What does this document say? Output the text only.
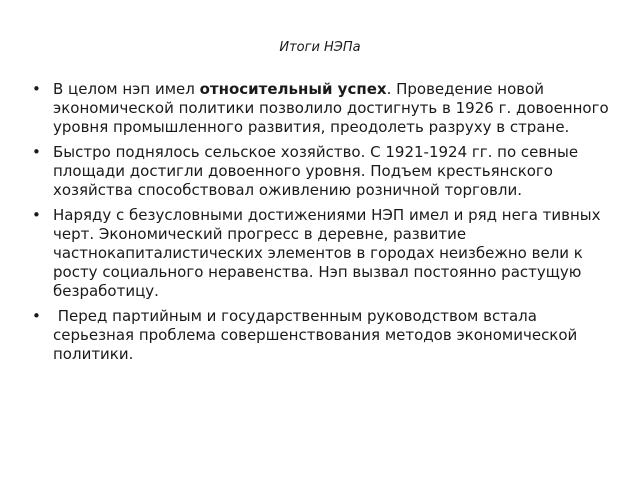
Итоги НЭПа
• В целом нэп имел относительный успех. Проведение новой экономической политики позволило достигнуть в 1926 г. довоенного уровня промышленного развития, преодолеть разруху в стране.
• Быстро поднялось сельское хозяйство. С 1921-1924 гг. по севные площади достигли довоенного уровня. Подъем крестьянского хозяйства способствовал оживлению розничной торговли.
• Наряду с безусловными достижениями НЭП имел и ряд нега тивных черт. Экономический прогресс в деревне, развитие частнокапиталистических элементов в городах неизбежно вели к росту социального неравенства. Нэп вызвал постоянно растущую безработицу.
• Перед партийным и государственным руководством встала серьезная проблема совершенствования методов экономической политики.
